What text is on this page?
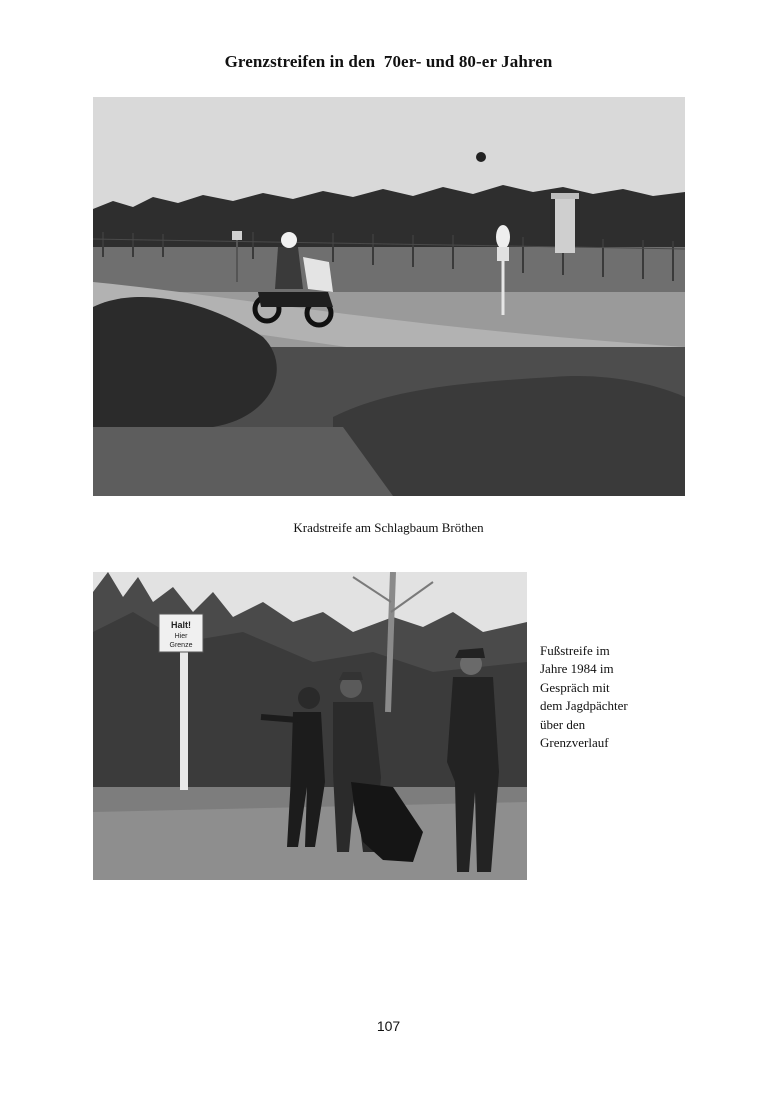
Grenzstreifen in den  70er- und 80-er Jahren
Kradstreife am Schlagbaum Bröthen
Halt!
Hier
Grenze	Fußstreife im
Jahre 1984 im
Gespräch mit
dem Jagdpächter
über den
Grenzverlauf
107
